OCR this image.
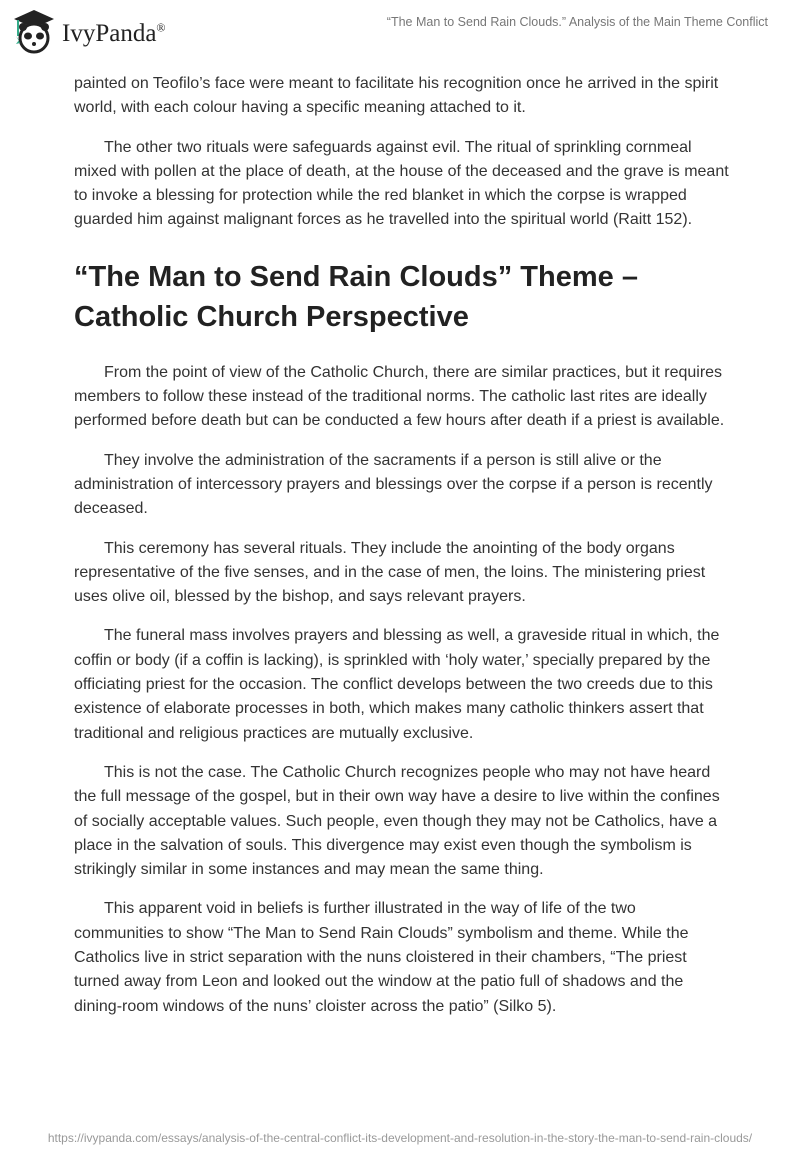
IvyPanda®	“The Man to Send Rain Clouds.” Analysis of the Main Theme Conflict

painted on Teofilo’s face were meant to facilitate his recognition once he arrived in the spirit world, with each colour having a specific meaning attached to it.

The other two rituals were safeguards against evil. The ritual of sprinkling cornmeal mixed with pollen at the place of death, at the house of the deceased and the grave is meant to invoke a blessing for protection while the red blanket in which the corpse is wrapped guarded him against malignant forces as he travelled into the spiritual world (Raitt 152).

“The Man to Send Rain Clouds” Theme – Catholic Church Perspective

From the point of view of the Catholic Church, there are similar practices, but it requires members to follow these instead of the traditional norms. The catholic last rites are ideally performed before death but can be conducted a few hours after death if a priest is available.

They involve the administration of the sacraments if a person is still alive or the administration of intercessory prayers and blessings over the corpse if a person is recently deceased.

This ceremony has several rituals. They include the anointing of the body organs representative of the five senses, and in the case of men, the loins. The ministering priest uses olive oil, blessed by the bishop, and says relevant prayers.

The funeral mass involves prayers and blessing as well, a graveside ritual in which, the coffin or body (if a coffin is lacking), is sprinkled with ‘holy water,’ specially prepared by the officiating priest for the occasion. The conflict develops between the two creeds due to this existence of elaborate processes in both, which makes many catholic thinkers assert that traditional and religious practices are mutually exclusive.

This is not the case. The Catholic Church recognizes people who may not have heard the full message of the gospel, but in their own way have a desire to live within the confines of socially acceptable values. Such people, even though they may not be Catholics, have a place in the salvation of souls. This divergence may exist even though the symbolism is strikingly similar in some instances and may mean the same thing.

This apparent void in beliefs is further illustrated in the way of life of the two communities to show “The Man to Send Rain Clouds” symbolism and theme. While the Catholics live in strict separation with the nuns cloistered in their chambers, “The priest turned away from Leon and looked out the window at the patio full of shadows and the dining-room windows of the nuns’ cloister across the patio” (Silko 5).

https://ivypanda.com/essays/analysis-of-the-central-conflict-its-development-and-resolution-in-the-story-the-man-to-send-rain-clouds/
